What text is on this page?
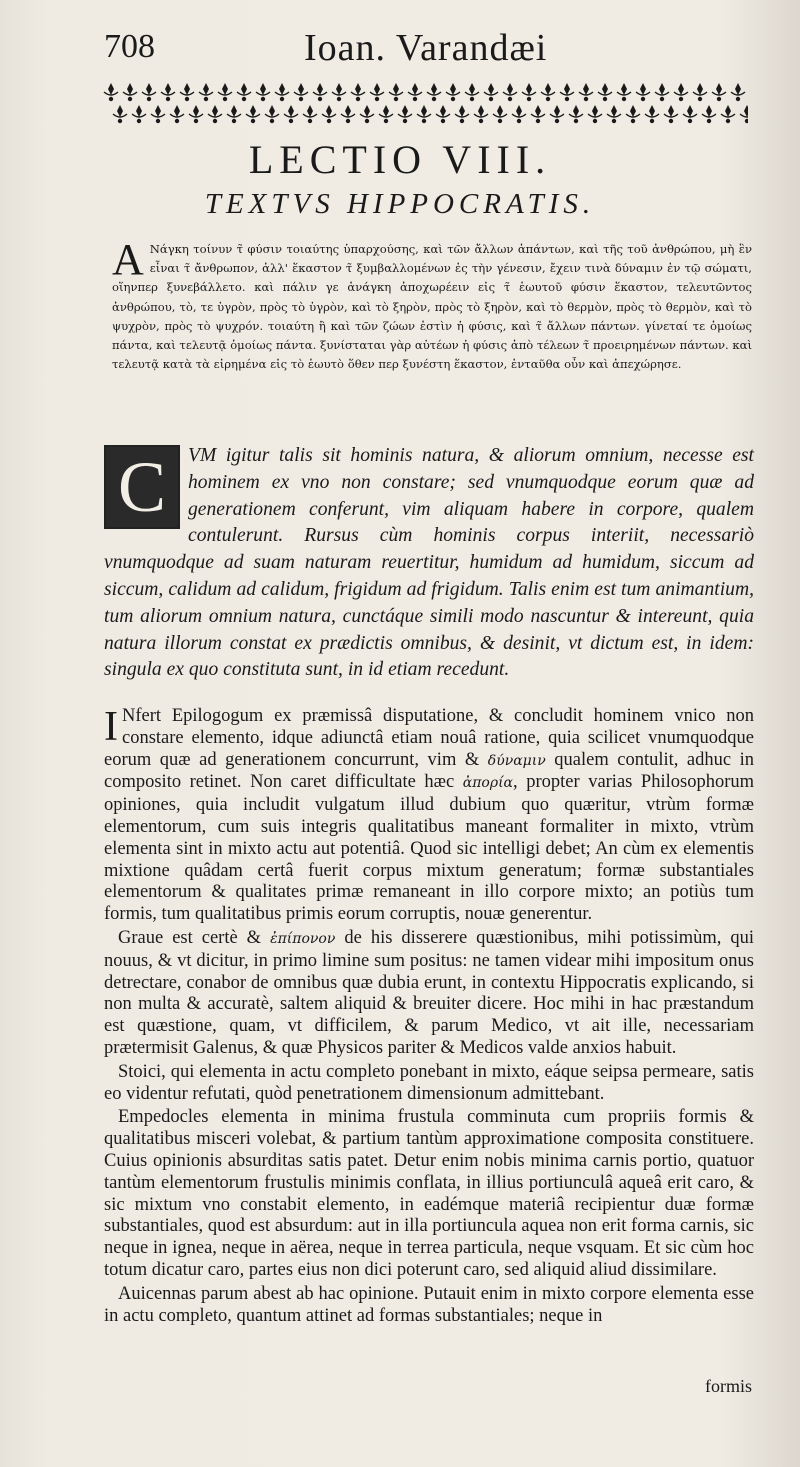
708	Ioan. Varandæi
LECTIO VIII.
TEXTVS HIPPOCRATIS.
A Νάγκη τοίνυν τ̃ φύσιν τοιαύτης ὑπαρχούσης, καὶ τῶν ἄλλων ἁπάντων, καὶ τῆς τοῦ ἀνθρώπου, μὴ ἓν εἶναι τ̃ ἄνθρωπον, ἀλλ' ἕκαστον τ̃ ξυμβαλλομένων ἐς τὴν γένεσιν, ἔχειν τινὰ δύναμιν ἐν τῷ σώματι, οἵηνπερ ξυνεβάλλετο. καὶ πάλιν γε ἀνάγκη ἀποχωρέειν εἰς τ̃ ἑωυτοῦ φύσιν ἕκαστον, τελευτῶντος ἀνθρώπου, τὸ, τε ὑγρὸν, πρὸς τὸ ὑγρὸν, καὶ τὸ ξηρὸν, πρὸς τὸ ξηρὸν, καὶ τὸ θερμὸν, πρὸς τὸ θερμὸν, καὶ τὸ ψυχρὸν, πρὸς τὸ ψυχρόν. τοιαύτη ἢ καὶ τῶν ζώων ἐστὶν ἡ φύσις, καὶ τ̃ ἄλλων πάντων. γίνεταί τε ὁμοίως πάντα, καὶ τελευτᾷ ὁμοίως πάντα. ξυνίσταται γὰρ αὐτέων ἡ φύσις ἀπὸ τέλεων τ̃ προειρημένων πάντων. καὶ τελευτᾷ κατὰ τὰ εἰρημένα εἰς τὸ ἑωυτὸ ὅθεν περ ξυνέστη ἕκαστον, ἐνταῦθα οὖν καὶ ἀπεχώρησε.
C	VM igitur talis sit hominis natura, & aliorum omnium, necesse est hominem ex vno non constare; sed vnumquodque eorum quæ ad generationem conferunt, vim aliquam habere in corpore, qualem contulerunt. Rursus cùm hominis corpus interiit, necessariò vnumquodque ad suam naturam reuertitur, humidum ad humidum, siccum ad siccum, calidum ad calidum, frigidum ad frigidum. Talis enim est tum animantium, tum aliorum omnium natura, cunctáque simili modo nascuntur & intereunt, quia natura illorum constat ex prædictis omnibus, & desinit, vt dictum est, in idem: singula ex quo constituta sunt, in id etiam recedunt.

I Nfert Epilogogum ex præmissâ disputatione, & concludit hominem vnico non constare elemento, idque adiunctâ etiam nouâ ratione, quia scilicet vnumquodque eorum quæ ad generationem concurrunt, vim & δύναμιν qualem contulit, adhuc in composito retinet. Non caret difficultate hæc ἀπορία, propter varias Philosophorum opiniones, quia includit vulgatum illud dubium quo quæritur, vtrùm formæ elementorum, cum suis integris qualitatibus maneant formaliter in mixto, vtrùm elementa sint in mixto actu aut potentiâ. Quod sic intelligi debet; An cùm ex elementis mixtione quâdam certâ fuerit corpus mixtum generatum; formæ substantiales elementorum & qualitates primæ remaneant in illo corpore mixto; an potiùs tum formis, tum qualitatibus primis eorum corruptis, nouæ generentur.

Graue est certè & ἐπίπονον de his disserere quæstionibus, mihi potissimùm, qui nouus, & vt dicitur, in primo limine sum positus: ne tamen videar mihi impositum onus detrectare, conabor de omnibus quæ dubia erunt, in contextu Hippocratis explicando, si non multa & accuratè, saltem aliquid & breuiter dicere. Hoc mihi in hac præstandum est quæstione, quam, vt difficilem, & parum Medico, vt ait ille, necessariam prætermisit Galenus, & quæ Physicos pariter & Medicos valde anxios habuit.

Stoici, qui elementa in actu completo ponebant in mixto, eáque seipsa permeare, satis eo videntur refutati, quòd penetrationem dimensionum admittebant.

Empedocles elementa in minima frustula comminuta cum propriis formis & qualitatibus misceri volebat, & partium tantùm approximatione composita constituere. Cuius opinionis absurditas satis patet. Detur enim nobis minima carnis portio, quatuor tantùm elementorum frustulis minimis conflata, in illius portiunculâ aqueâ erit caro, & sic mixtum vno constabit elemento, in eadémque materiâ recipientur duæ formæ substantiales, quod est absurdum: aut in illa portiuncula aquea non erit forma carnis, sic neque in ignea, neque in aërea, neque in terrea particula, neque vsquam. Et sic cùm hoc totum dicatur caro, partes eius non dici poterunt caro, sed aliquid aliud dissimilare.

Auicennas parum abest ab hac opinione. Putauit enim in mixto corpore elementa esse in actu completo, quantum attinet ad formas substantiales; neque in

formis
